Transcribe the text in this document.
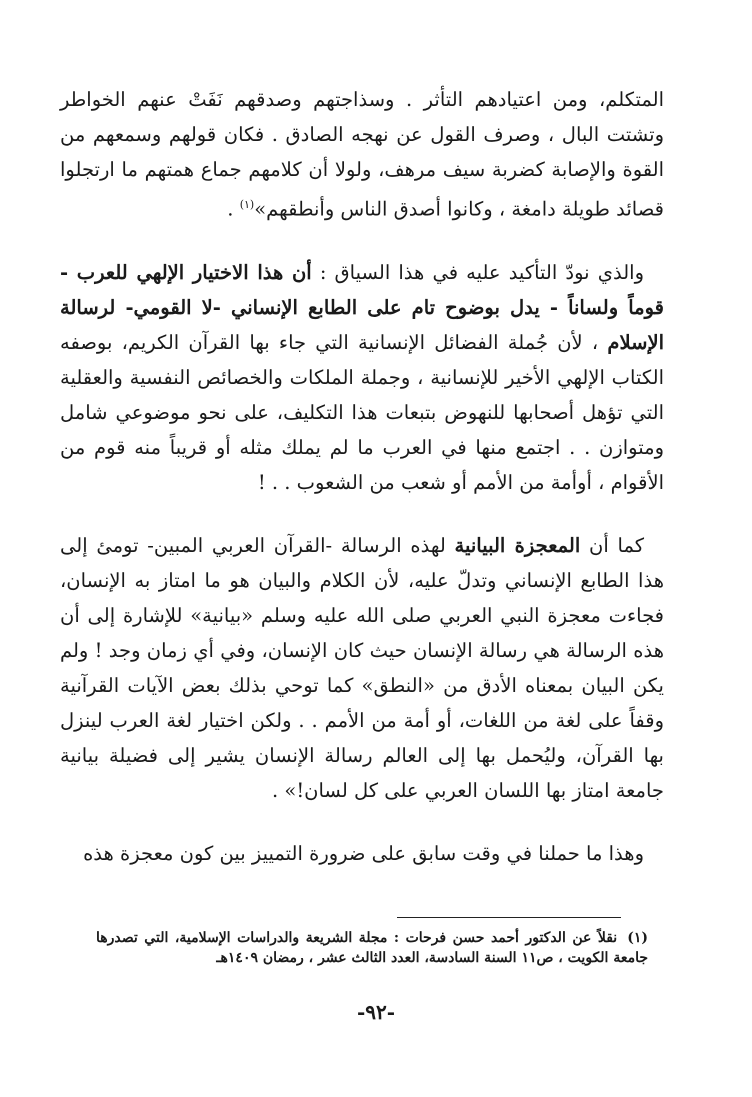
المتكلم، ومن اعتيادهم التأثر . وسذاجتهم وصدقهم نَفَتْ عنهم الخواطر وتشتت البال ، وصرف القول عن نهجه الصادق . فكان قولهم وسمعهم من القوة والإصابة كضربة سيف مرهف، ولولا أن كلامهم جماع همتهم ما ارتجلوا قصائد طويلة دامغة ، وكانوا أصدق الناس وأنطقهم»$^{(١)}$ .

والذي نودّ التأكيد عليه في هذا السياق : أن هذا الاختيار الإلهي للعرب - قوماً ولساناً - يدل بوضوح تام على الطابع الإنساني -لا القومي- لرسالة الإسلام ، لأن جُملة الفضائل الإنسانية التي جاء بها القرآن الكريم، بوصفه الكتاب الإلهي الأخير للإنسانية ، وجملة الملكات والخصائص النفسية والعقلية التي تؤهل أصحابها للنهوض بتبعات هذا التكليف، على نحو موضوعي شامل ومتوازن . . اجتمع منها في العرب ما لم يملك مثله أو قريباً منه قوم من الأقوام ، أوأمة من الأمم أو شعب من الشعوب . . !

كما أن المعجزة البيانية لهذه الرسالة -القرآن العربي المبين- تومئ إلى هذا الطابع الإنساني وتدلّ عليه، لأن الكلام والبيان هو ما امتاز به الإنسان، فجاءت معجزة النبي العربي صلى الله عليه وسلم «بيانية» للإشارة إلى أن هذه الرسالة هي رسالة الإنسان حيث كان الإنسان، وفي أي زمان وجد ! ولم يكن البيان بمعناه الأدق من «النطق» كما توحي بذلك بعض الآيات القرآنية وقفاً على لغة من اللغات، أو أمة من الأمم . . ولكن اختيار لغة العرب لينزل بها القرآن، وليُحمل بها إلى العالم رسالة الإنسان يشير إلى فضيلة بيانية جامعة امتاز بها اللسان العربي على كل لسان!» .

وهذا ما حملنا في وقت سابق على ضرورة التمييز بين كون معجزة هذه

(١)نقلاً عن الدكتور أحمد حسن فرحات : مجلة الشريعة والدراسات الإسلامية، التي تصدرها جامعة الكويت ، ص١١ السنة السادسة، العدد الثالث عشر ، رمضان ١٤٠٩هـ
-٩٢-
